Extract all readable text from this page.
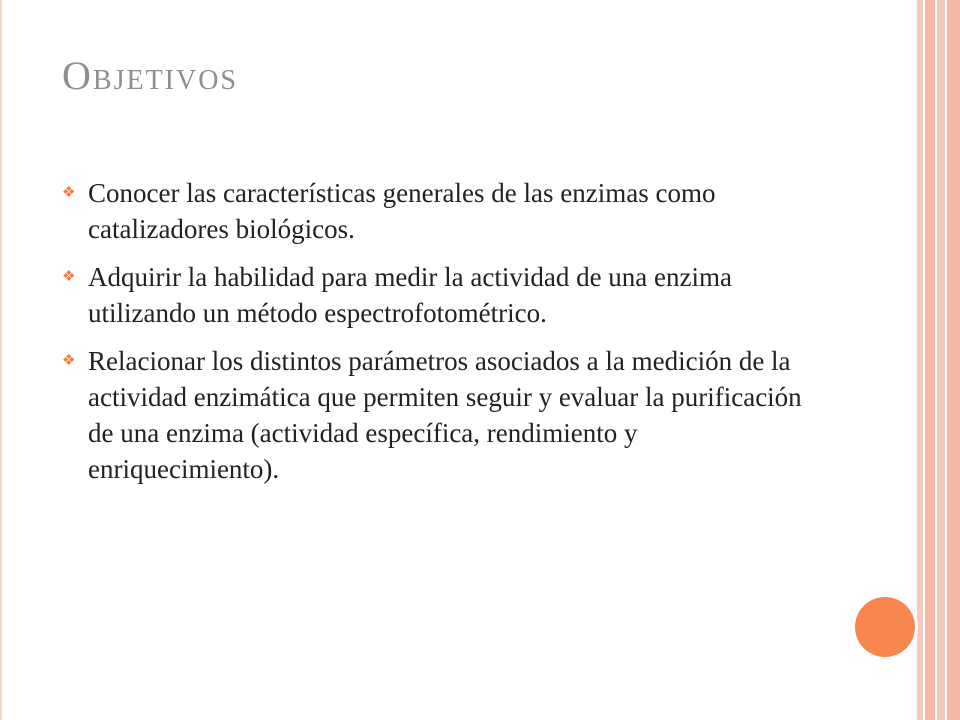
Objetivos
❖ Conocer las características generales de las enzimas como catalizadores biológicos.
❖ Adquirir la habilidad para medir la actividad de una enzima utilizando un método espectrofotométrico.
❖ Relacionar los distintos parámetros asociados a la medición de la actividad enzimática que permiten seguir y evaluar la purificación de una enzima (actividad específica, rendimiento y enriquecimiento).
